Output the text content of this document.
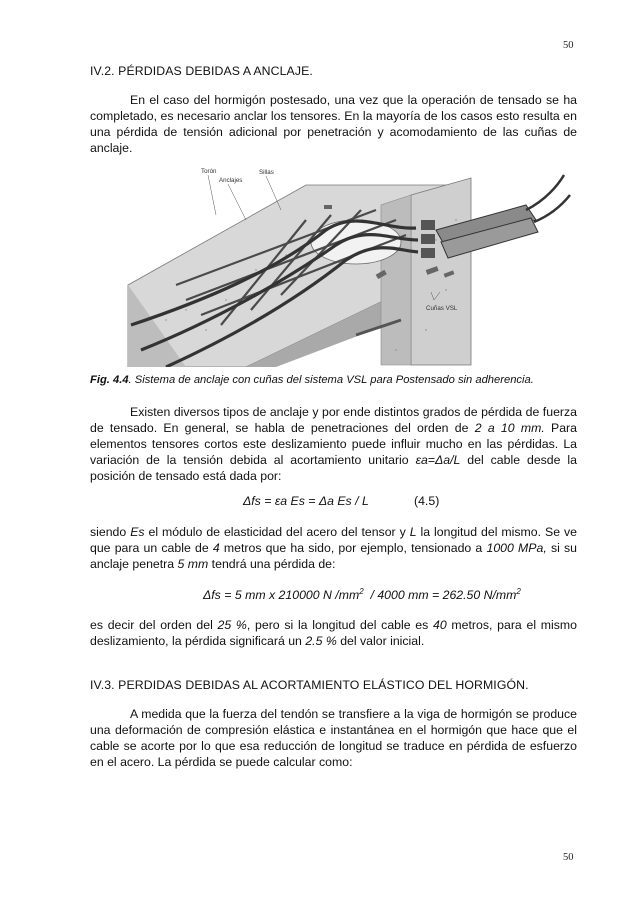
50
IV.2. PÉRDIDAS DEBIDAS A ANCLAJE.
En el caso del hormigón postesado, una vez que la operación de tensado se ha completado, es necesario anclar los tensores. En la mayoría de los casos esto resulta en una pérdida de tensión adicional por penetración y acomodamiento de las cuñas de anclaje.
Torón
Anclajes
Sillas
Cuñas VSL
Fig. 4.4. Sistema de anclaje con cuñas del sistema VSL para Postensado sin adherencia.
Existen diversos tipos de anclaje y por ende distintos grados de pérdida de fuerza de tensado. En general, se habla de penetraciones del orden de 2 a 10 mm. Para elementos tensores cortos este deslizamiento puede influir mucho en las pérdidas. La variación de la tensión debida al acortamiento unitario εa=Δa/L del cable desde la posición de tensado está dada por:
Δfs = εa Es = Δa Es / L	(4.5)
siendo Es el módulo de elasticidad del acero del tensor y L la longitud del mismo. Se ve que para un cable de 4 metros que ha sido, por ejemplo, tensionado a 1000 MPa, si su anclaje penetra 5 mm tendrá una pérdida de:
Δfs = 5 mm x 210000 N $/mm^2 / 4000$ mm = 262.50 $N/mm^2$
es decir del orden del 25 %, pero si la longitud del cable es 40 metros, para el mismo deslizamiento, la pérdida significará un 2.5 % del valor inicial.
IV.3. PERDIDAS DEBIDAS AL ACORTAMIENTO ELÁSTICO DEL HORMIGÓN.
A medida que la fuerza del tendón se transfiere a la viga de hormigón se produce una deformación de compresión elástica e instantánea en el hormigón que hace que el cable se acorte por lo que esa reducción de longitud se traduce en pérdida de esfuerzo en el acero. La pérdida se puede calcular como:
50
